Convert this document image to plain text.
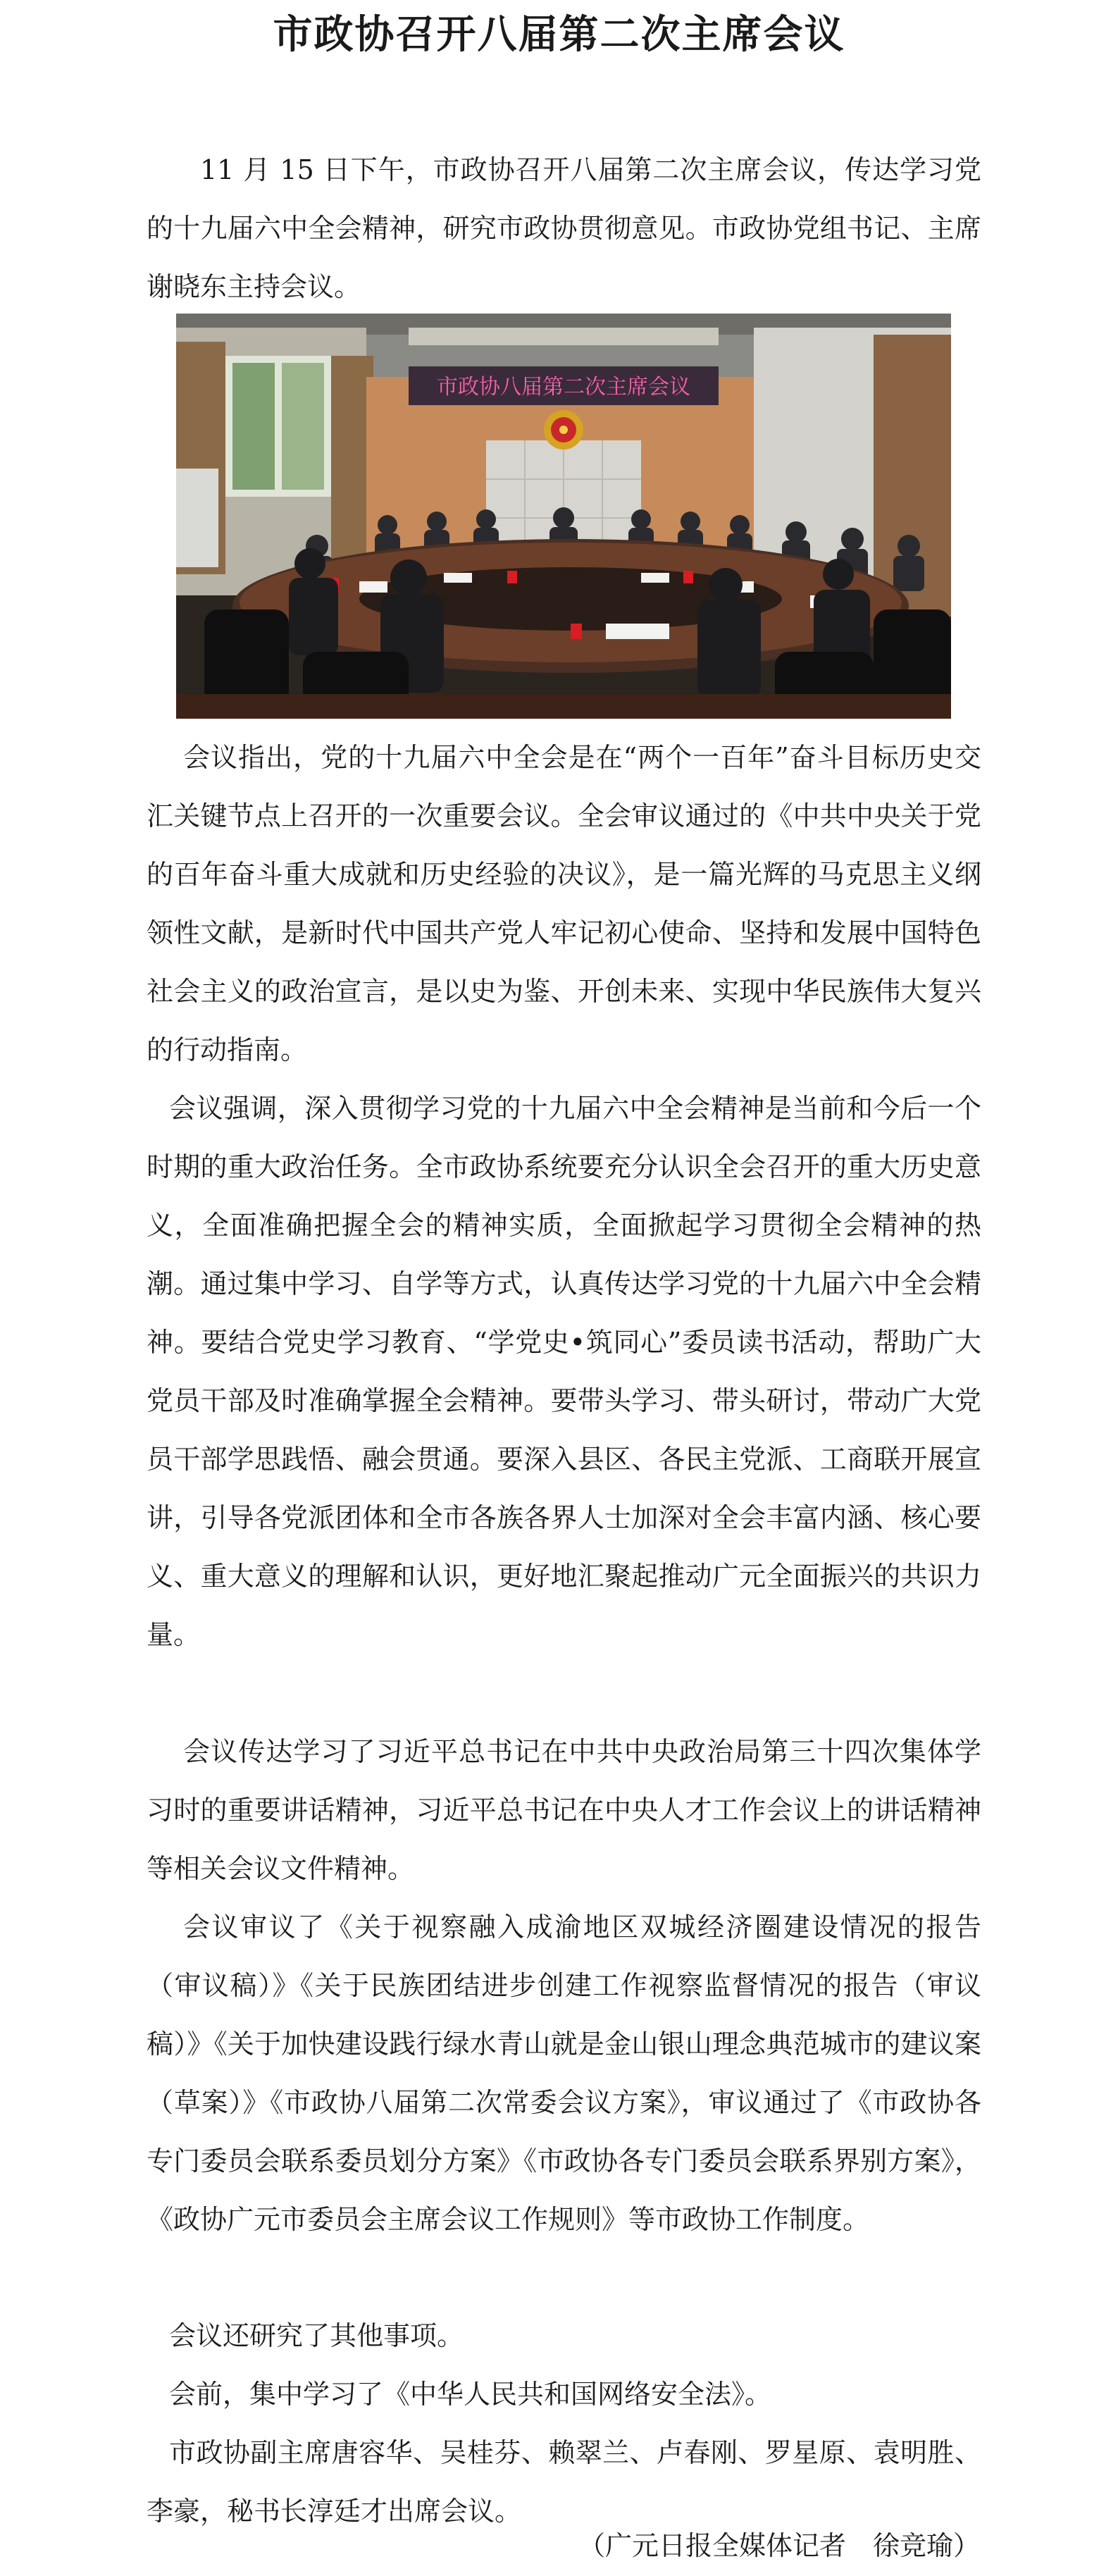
市政协召开八届第二次主席会议

11 月 15 日下午，市政协召开八届第二次主席会议，传达学习党的十九届六中全会精神，研究市政协贯彻意见。市政协党组书记、主席谢晓东主持会议。

市政协八届第二次主席会议

会议指出，党的十九届六中全会是在“两个一百年”奋斗目标历史交汇关键节点上召开的一次重要会议。全会审议通过的《中共中央关于党的百年奋斗重大成就和历史经验的决议》，是一篇光辉的马克思主义纲领性文献，是新时代中国共产党人牢记初心使命、坚持和发展中国特色社会主义的政治宣言，是以史为鉴、开创未来、实现中华民族伟大复兴的行动指南。

会议强调，深入贯彻学习党的十九届六中全会精神是当前和今后一个时期的重大政治任务。全市政协系统要充分认识全会召开的重大历史意义，全面准确把握全会的精神实质，全面掀起学习贯彻全会精神的热潮。通过集中学习、自学等方式，认真传达学习党的十九届六中全会精神。要结合党史学习教育、“学党史•筑同心”委员读书活动，帮助广大党员干部及时准确掌握全会精神。要带头学习、带头研讨，带动广大党员干部学思践悟、融会贯通。要深入县区、各民主党派、工商联开展宣讲，引导各党派团体和全市各族各界人士加深对全会丰富内涵、核心要义、重大意义的理解和认识，更好地汇聚起推动广元全面振兴的共识力量。

会议传达学习了习近平总书记在中共中央政治局第三十四次集体学习时的重要讲话精神，习近平总书记在中央人才工作会议上的讲话精神等相关会议文件精神。

会议审议了《关于视察融入成渝地区双城经济圈建设情况的报告（审议稿）》《关于民族团结进步创建工作视察监督情况的报告（审议稿）》《关于加快建设践行绿水青山就是金山银山理念典范城市的建议案（草案）》《市政协八届第二次常委会议方案》，审议通过了《市政协各专门委员会联系委员划分方案》《市政协各专门委员会联系界别方案》，《政协广元市委员会主席会议工作规则》等市政协工作制度。

会议还研究了其他事项。

会前，集中学习了《中华人民共和国网络安全法》。

市政协副主席唐容华、吴桂芬、赖翠兰、卢春刚、罗星原、袁明胜、李豪，秘书长淳廷才出席会议。

（广元日报全媒体记者　徐竞瑜）
